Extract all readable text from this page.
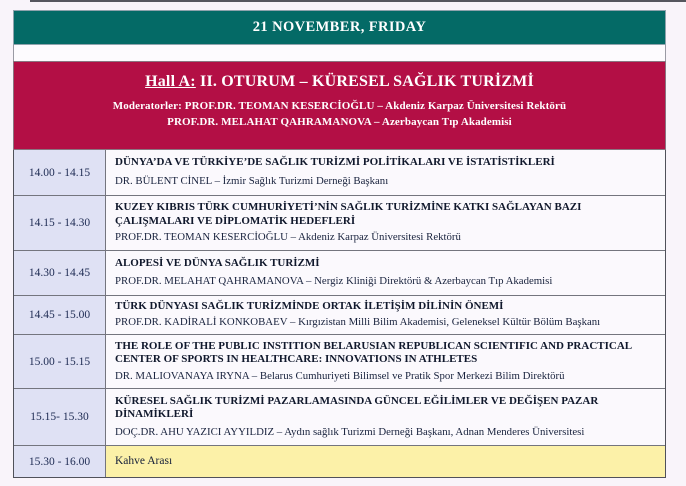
21 NOVEMBER, FRIDAY
Hall A: II. OTURUM – KÜRESEL SAĞLIK TURİZMİ
Moderatorler: PROF.DR. TEOMAN KESERCİOĞLU – Akdeniz Karpaz Üniversitesi Rektörü
PROF.DR. MELAHAT QAHRAMANOVA – Azerbaycan Tıp Akademisi
14.00 - 14.15
DÜNYA’DA VE TÜRKİYE’DE SAĞLIK TURİZMİ POLİTİKALARI VE İSTATİSTİKLERİ
DR. BÜLENT CİNEL – İzmir Sağlık Turizmi Derneği Başkanı
14.15 - 14.30
KUZEY KIBRIS TÜRK CUMHURİYETİ’NİN SAĞLIK TURİZMİNE KATKI SAĞLAYAN BAZI ÇALIŞMALARI VE DİPLOMATİK HEDEFLERİ
PROF.DR. TEOMAN KESERCİOĞLU – Akdeniz Karpaz Üniversitesi Rektörü
14.30 - 14.45
ALOPESİ VE DÜNYA SAĞLIK TURİZMİ
PROF.DR. MELAHAT QAHRAMANOVA – Nergiz Kliniği Direktörü & Azerbaycan Tıp Akademisi
14.45 - 15.00
TÜRK DÜNYASI SAĞLIK TURİZMİNDE ORTAK İLETİŞİM DİLİNİN ÖNEMİ
PROF.DR. KADİRALİ KONKOBAEV – Kırgızistan Milli Bilim Akademisi, Geleneksel Kültür Bölüm Başkanı
15.00 - 15.15
THE ROLE OF THE PUBLIC INSTITION BELARUSIAN REPUBLICAN SCIENTIFIC AND PRACTICAL CENTER OF SPORTS IN HEALTHCARE: INNOVATIONS IN ATHLETES
DR. MALIOVANAYA IRYNA – Belarus Cumhuriyeti Bilimsel ve Pratik Spor Merkezi Bilim Direktörü
15.15- 15.30
KÜRESEL SAĞLIK TURİZMİ PAZARLAMASINDA GÜNCEL EĞİLİMLER VE DEĞİŞEN PAZAR DİNAMİKLERİ
DOÇ.DR. AHU YAZICI AYYILDIZ – Aydın sağlık Turizmi Derneği Başkanı, Adnan Menderes Üniversitesi
15.30 - 16.00	Kahve Arası
